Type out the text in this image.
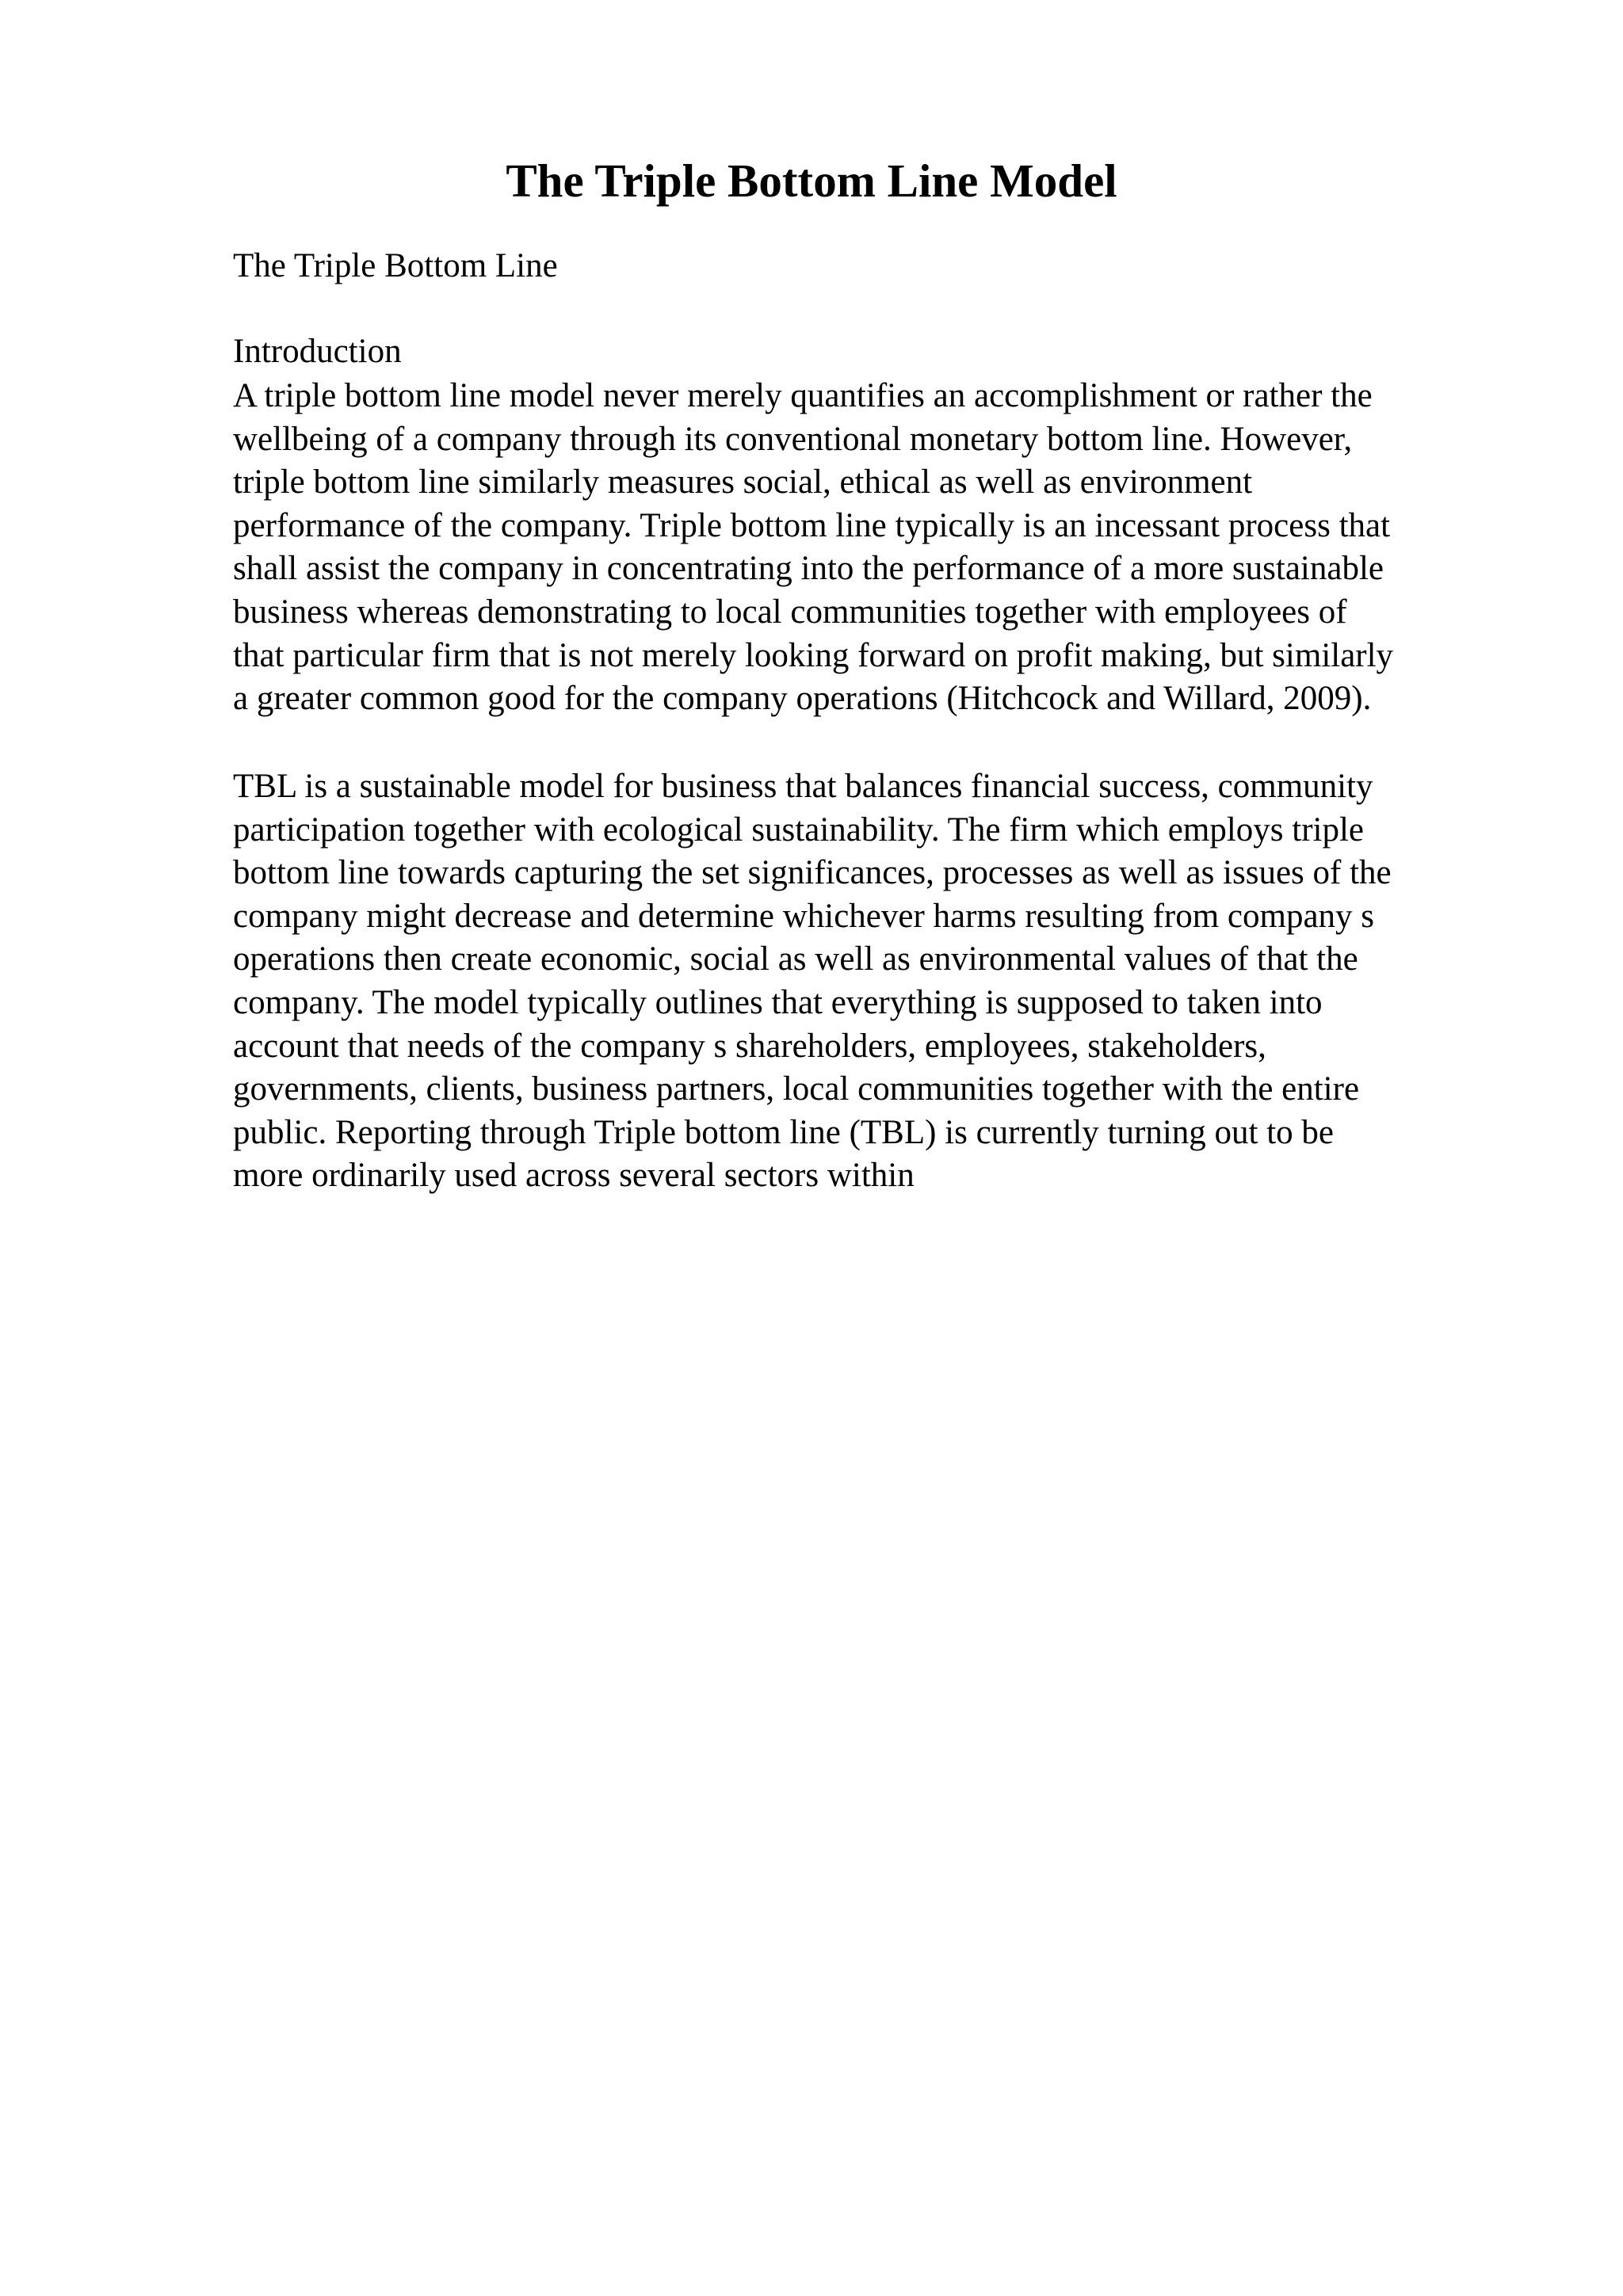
The Triple Bottom Line Model

The Triple Bottom Line

Introduction

A triple bottom line model never merely quantifies an accomplishment or rather the
wellbeing of a company through its conventional monetary bottom line. However,
triple bottom line similarly measures social, ethical as well as environment
performance of the company. Triple bottom line typically is an incessant process that
shall assist the company in concentrating into the performance of a more sustainable
business whereas demonstrating to local communities together with employees of
that particular firm that is not merely looking forward on profit making, but similarly
a greater common good for the company operations (Hitchcock and Willard, 2009).

TBL is a sustainable model for business that balances financial success, community
participation together with ecological sustainability. The firm which employs triple
bottom line towards capturing the set significances, processes as well as issues of the
company might decrease and determine whichever harms resulting from company s
operations then create economic, social as well as environmental values of that the
company. The model typically outlines that everything is supposed to taken into
account that needs of the company s shareholders, employees, stakeholders,
governments, clients, business partners, local communities together with the entire
public. Reporting through Triple bottom line (TBL) is currently turning out to be
more ordinarily used across several sectors within
